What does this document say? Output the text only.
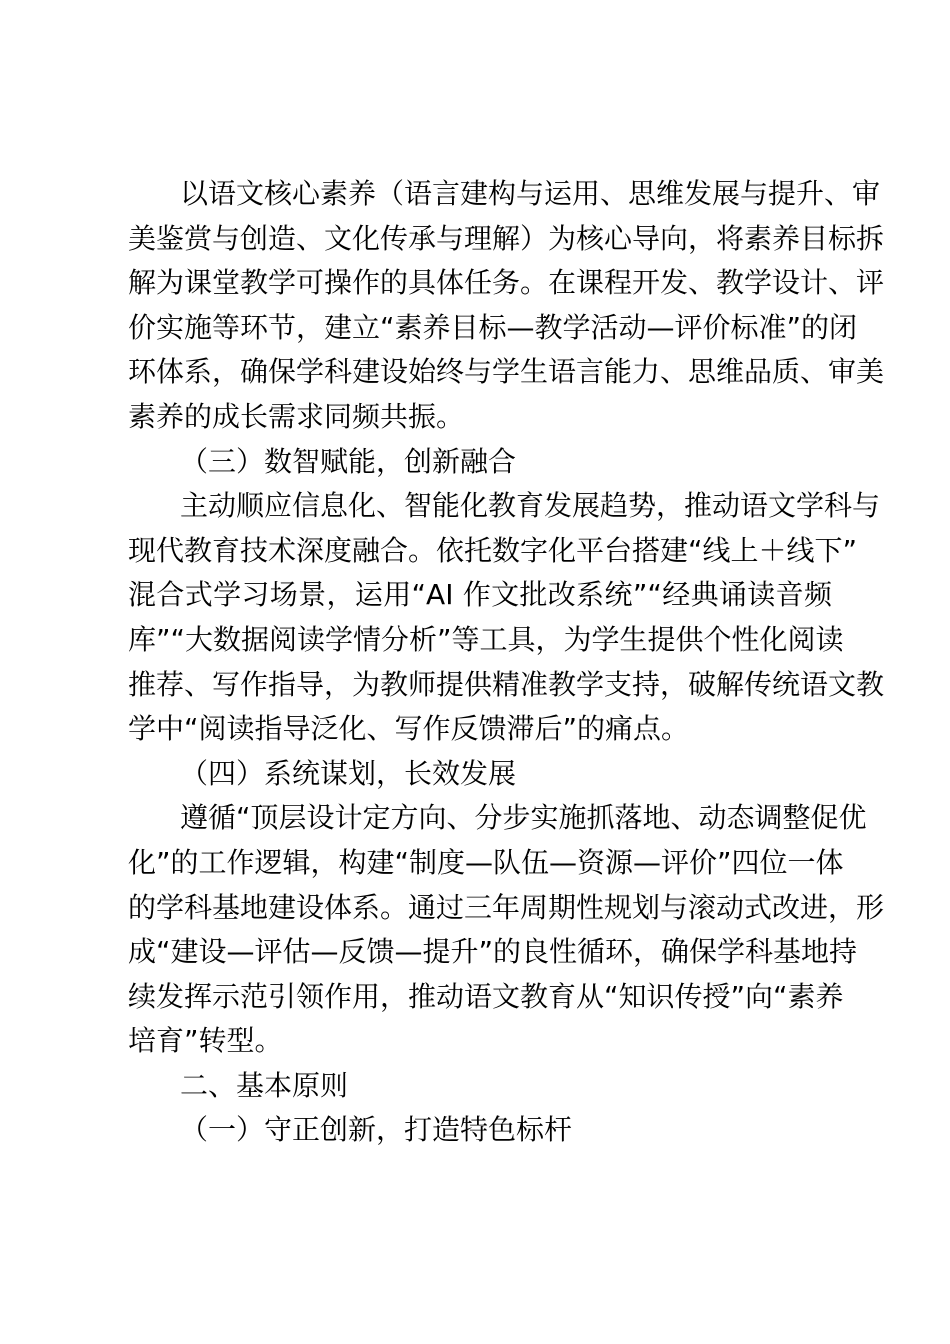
以语文核心素养（语言建构与运用、思维发展与提升、审
美鉴赏与创造、文化传承与理解）为核心导向，将素养目标拆
解为课堂教学可操作的具体任务。在课程开发、教学设计、评
价实施等环节，建立“素养目标—教学活动—评价标准”的闭
环体系，确保学科建设始终与学生语言能力、思维品质、审美
素养的成长需求同频共振。
（三）数智赋能，创新融合
主动顺应信息化、智能化教育发展趋势，推动语文学科与
现代教育技术深度融合。依托数字化平台搭建“线上＋线下”
混合式学习场景，运用“AI 作文批改系统”“经典诵读音频
库”“大数据阅读学情分析”等工具，为学生提供个性化阅读
推荐、写作指导，为教师提供精准教学支持，破解传统语文教
学中“阅读指导泛化、写作反馈滞后”的痛点。
（四）系统谋划，长效发展
遵循“顶层设计定方向、分步实施抓落地、动态调整促优
化”的工作逻辑，构建“制度—队伍—资源—评价”四位一体
的学科基地建设体系。通过三年周期性规划与滚动式改进，形
成“建设—评估—反馈—提升”的良性循环，确保学科基地持
续发挥示范引领作用，推动语文教育从“知识传授”向“素养
培育”转型。
二、基本原则
（一）守正创新，打造特色标杆
